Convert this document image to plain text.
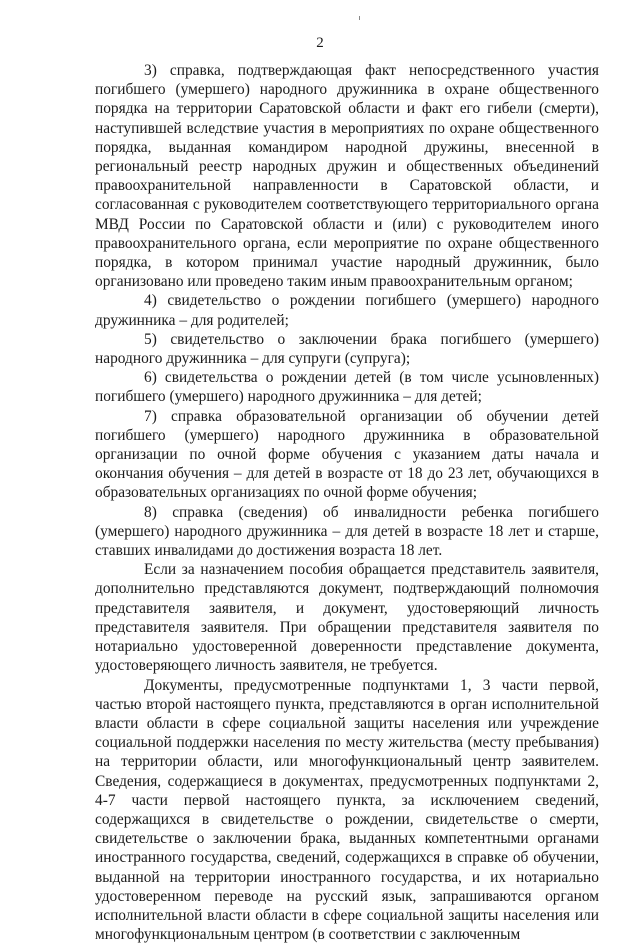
2

3) справка, подтверждающая факт непосредственного участия погибшего (умершего) народного дружинника в охране общественного порядка на территории Саратовской области и факт его гибели (смерти), наступившей вследствие участия в мероприятиях по охране общественного порядка, выданная командиром народной дружины, внесенной в региональный реестр народных дружин и общественных объединений правоохранительной направленности в Саратовской области, и согласованная с руководителем соответствующего территориального органа МВД России по Саратовской области и (или) с руководителем иного правоохранительного органа, если мероприятие по охране общественного порядка, в котором принимал участие народный дружинник, было организовано или проведено таким иным правоохранительным органом;

4) свидетельство о рождении погибшего (умершего) народного дружинника – для родителей;

5) свидетельство о заключении брака погибшего (умершего) народного дружинника – для супруги (супруга);

6) свидетельства о рождении детей (в том числе усыновленных) погибшего (умершего) народного дружинника – для детей;

7) справка образовательной организации об обучении детей погибшего (умершего) народного дружинника в образовательной организации по очной форме обучения с указанием даты начала и окончания обучения – для детей в возрасте от 18 до 23 лет, обучающихся в образовательных организациях по очной форме обучения;

8) справка (сведения) об инвалидности ребенка погибшего (умершего) народного дружинника – для детей в возрасте 18 лет и старше, ставших инвалидами до достижения возраста 18 лет.

Если за назначением пособия обращается представитель заявителя, дополнительно представляются документ, подтверждающий полномочия представителя заявителя, и документ, удостоверяющий личность представителя заявителя. При обращении представителя заявителя по нотариально удостоверенной доверенности представление документа, удостоверяющего личность заявителя, не требуется.

Документы, предусмотренные подпунктами 1, 3 части первой, частью второй настоящего пункта, представляются в орган исполнительной власти области в сфере социальной защиты населения или учреждение социальной поддержки населения по месту жительства (месту пребывания) на территории области, или многофункциональный центр заявителем. Сведения, содержащиеся в документах, предусмотренных подпунктами 2, 4-7 части первой настоящего пункта, за исключением сведений, содержащихся в свидетельстве о рождении, свидетельстве о смерти, свидетельстве о заключении брака, выданных компетентными органами иностранного государства, сведений, содержащихся в справке об обучении, выданной на территории иностранного государства, и их нотариально удостоверенном переводе на русский язык, запрашиваются органом исполнительной власти области в сфере социальной защиты населения или многофункциональным центром (в соответствии с заключенным
